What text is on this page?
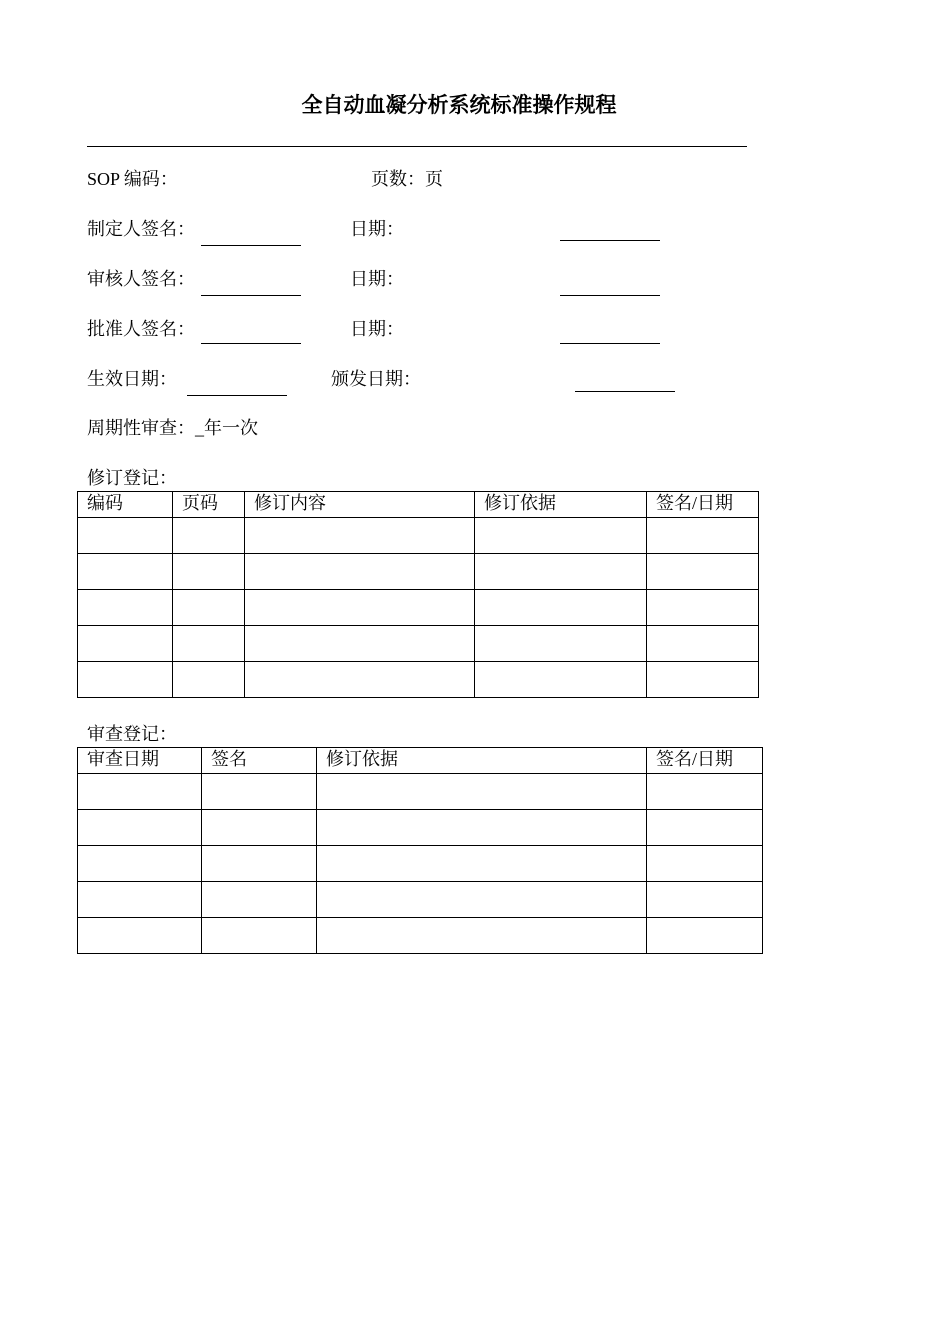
全自动血凝分析系统标准操作规程
SOP 编码：	页数：页
制定人签名：	日期：
审核人签名：	日期：
批准人签名：	日期：
生效日期：	颁发日期：
周期性审查：_年一次
修订登记：
编码	页码	修订内容	修订依据	签名/日期

审查登记：
审查日期	签名	修订依据	签名/日期
